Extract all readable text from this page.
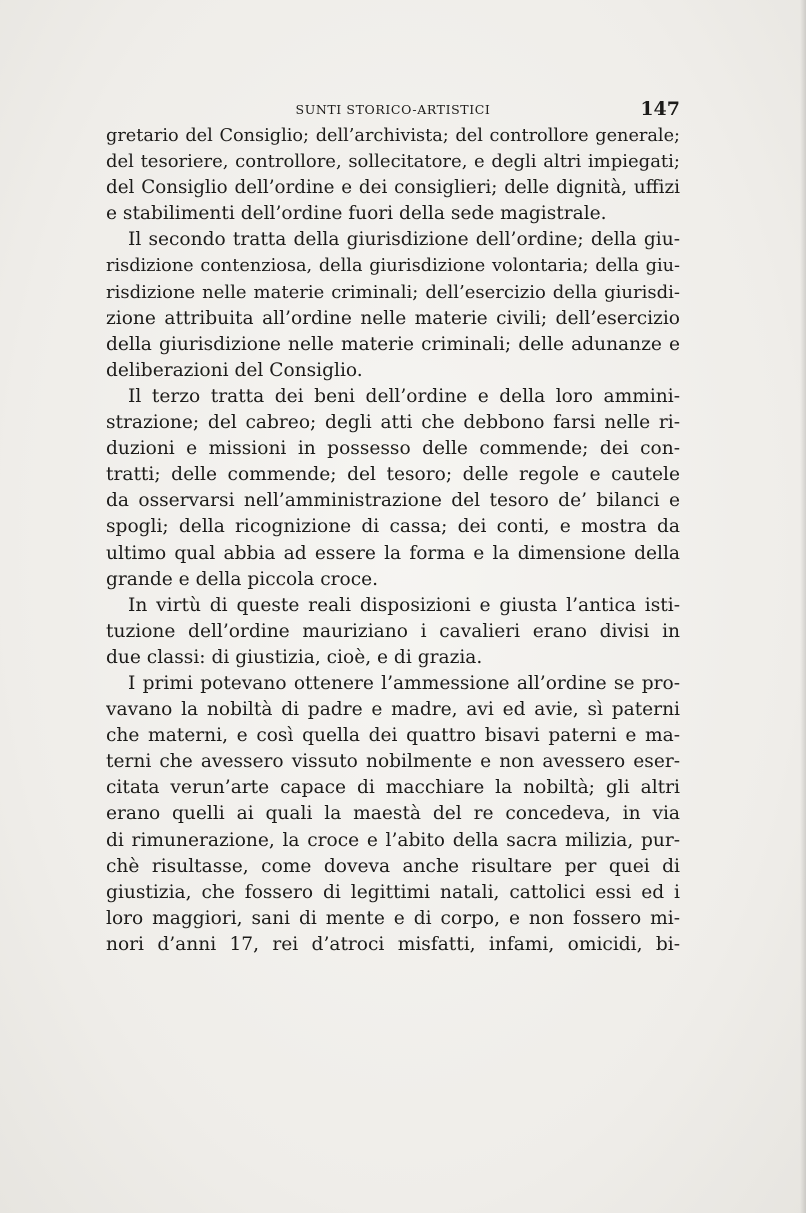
SUNTI STORICO-ARTISTICI	147
gretario del Consiglio; dell’archivista; del controllore generale;
del tesoriere, controllore, sollecitatore, e degli altri impiegati;
del Consiglio dell’ordine e dei consiglieri; delle dignità, uffizi
e stabilimenti dell’ordine fuori della sede magistrale.
Il secondo tratta della giurisdizione dell’ordine; della giu-
risdizione contenziosa, della giurisdizione volontaria; della giu-
risdizione nelle materie criminali; dell’esercizio della giurisdi-
zione attribuita all’ordine nelle materie civili; dell’esercizio
della giurisdizione nelle materie criminali; delle adunanze e
deliberazioni del Consiglio.
Il terzo tratta dei beni dell’ordine e della loro ammini-
strazione; del cabreo; degli atti che debbono farsi nelle ri-
duzioni e missioni in possesso delle commende; dei con-
tratti; delle commende; del tesoro; delle regole e cautele
da osservarsi nell’amministrazione del tesoro de’ bilanci e
spogli; della ricognizione di cassa; dei conti, e mostra da
ultimo qual abbia ad essere la forma e la dimensione della
grande e della piccola croce.
In virtù di queste reali disposizioni e giusta l’antica isti-
tuzione dell’ordine mauriziano i cavalieri erano divisi in
due classi: di giustizia, cioè, e di grazia.
I primi potevano ottenere l’ammessione all’ordine se pro-
vavano la nobiltà di padre e madre, avi ed avie, sì paterni
che materni, e così quella dei quattro bisavi paterni e ma-
terni che avessero vissuto nobilmente e non avessero eser-
citata verun’arte capace di macchiare la nobiltà; gli altri
erano quelli ai quali la maestà del re concedeva, in via
di rimunerazione, la croce e l’abito della sacra milizia, pur-
chè risultasse, come doveva anche risultare per quei di
giustizia, che fossero di legittimi natali, cattolici essi ed i
loro maggiori, sani di mente e di corpo, e non fossero mi-
nori d’anni 17, rei d’atroci misfatti, infami, omicidi, bi-
